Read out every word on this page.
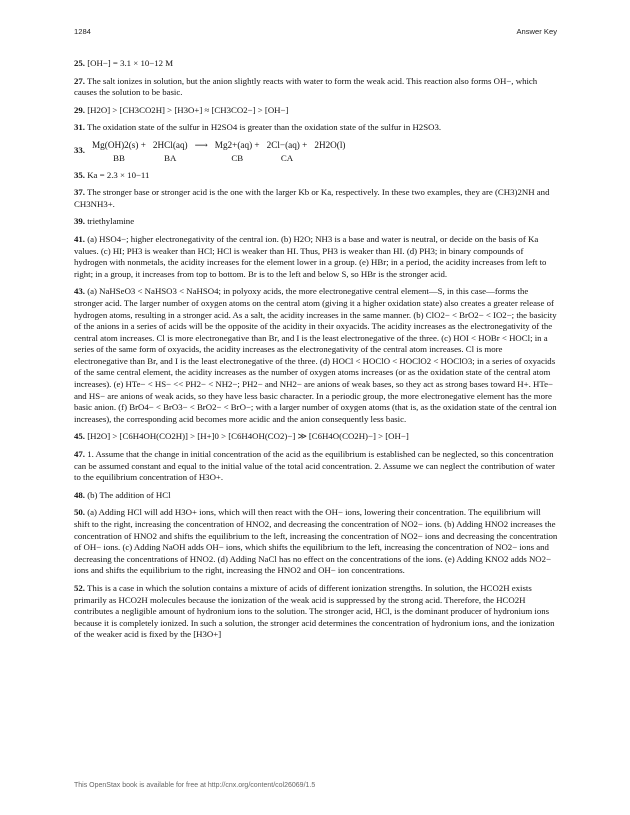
1284	Answer Key
25. [OH−] = 3.1 × 10−12 M
27. The salt ionizes in solution, but the anion slightly reacts with water to form the weak acid. This reaction also forms OH−, which causes the solution to be basic.
29. [H2O] > [CH3CO2H] > [H3O+] ≈ [CH3CO2−] > [OH−]
31. The oxidation state of the sulfur in H2SO4 is greater than the oxidation state of the sulfur in H2SO3.
33. Mg(OH)2(s) +
BB
2HCl(aq)
BA
⟶ Mg2+(aq) +
CB
2Cl−(aq) +
CA
2H2O(l)
35. Ka = 2.3 × 10−11
37. The stronger base or stronger acid is the one with the larger Kb or Ka, respectively. In these two examples, they are (CH3)2NH and CH3NH3+.
39. triethylamine
41. (a) HSO4−; higher electronegativity of the central ion. (b) H2O; NH3 is a base and water is neutral, or decide on the basis of Ka values. (c) HI; PH3 is weaker than HCl; HCl is weaker than HI. Thus, PH3 is weaker than HI. (d) PH3; in binary compounds of hydrogen with nonmetals, the acidity increases for the element lower in a group. (e) HBr; in a period, the acidity increases from left to right; in a group, it increases from top to bottom. Br is to the left and below S, so HBr is the stronger acid.
43. (a) NaHSeO3 < NaHSO3 < NaHSO4; in polyoxy acids, the more electronegative central element—S, in this case—forms the stronger acid. The larger number of oxygen atoms on the central atom (giving it a higher oxidation state) also creates a greater release of hydrogen atoms, resulting in a stronger acid. As a salt, the acidity increases in the same manner. (b) ClO2− < BrO2− < IO2−; the basicity of the anions in a series of acids will be the opposite of the acidity in their oxyacids. The acidity increases as the electronegativity of the central atom increases. Cl is more electronegative than Br, and I is the least electronegative of the three. (c) HOI < HOBr < HOCl; in a series of the same form of oxyacids, the acidity increases as the electronegativity of the central atom increases. Cl is more electronegative than Br, and I is the least electronegative of the three. (d) HOCl < HOClO < HOClO2 < HOClO3; in a series of oxyacids of the same central element, the acidity increases as the number of oxygen atoms increases (or as the oxidation state of the central atom increases). (e) HTe− < HS− << PH2− < NH2−; PH2− and NH2− are anions of weak bases, so they act as strong bases toward H+. HTe− and HS− are anions of weak acids, so they have less basic character. In a periodic group, the more electronegative element has the more basic anion. (f) BrO4− < BrO3− < BrO2− < BrO−; with a larger number of oxygen atoms (that is, as the oxidation state of the central ion increases), the corresponding acid becomes more acidic and the anion consequently less basic.
45. [H2O] > [C6H4OH(CO2H)] > [H+]0 > [C6H4OH(CO2)−] ≫ [C6H4O(CO2H)−] > [OH−]
47. 1. Assume that the change in initial concentration of the acid as the equilibrium is established can be neglected, so this concentration can be assumed constant and equal to the initial value of the total acid concentration. 2. Assume we can neglect the contribution of water to the equilibrium concentration of H3O+.
48. (b) The addition of HCl
50. (a) Adding HCl will add H3O+ ions, which will then react with the OH− ions, lowering their concentration. The equilibrium will shift to the right, increasing the concentration of HNO2, and decreasing the concentration of NO2− ions. (b) Adding HNO2 increases the concentration of HNO2 and shifts the equilibrium to the left, increasing the concentration of NO2− ions and decreasing the concentration of OH− ions. (c) Adding NaOH adds OH− ions, which shifts the equilibrium to the left, increasing the concentration of NO2− ions and decreasing the concentrations of HNO2. (d) Adding NaCl has no effect on the concentrations of the ions. (e) Adding KNO2 adds NO2− ions and shifts the equilibrium to the right, increasing the HNO2 and OH− ion concentrations.
52. This is a case in which the solution contains a mixture of acids of different ionization strengths. In solution, the HCO2H exists primarily as HCO2H molecules because the ionization of the weak acid is suppressed by the strong acid. Therefore, the HCO2H contributes a negligible amount of hydronium ions to the solution. The stronger acid, HCl, is the dominant producer of hydronium ions because it is completely ionized. In such a solution, the stronger acid determines the concentration of hydronium ions, and the ionization of the weaker acid is fixed by the [H3O+]
This OpenStax book is available for free at http://cnx.org/content/col26069/1.5
